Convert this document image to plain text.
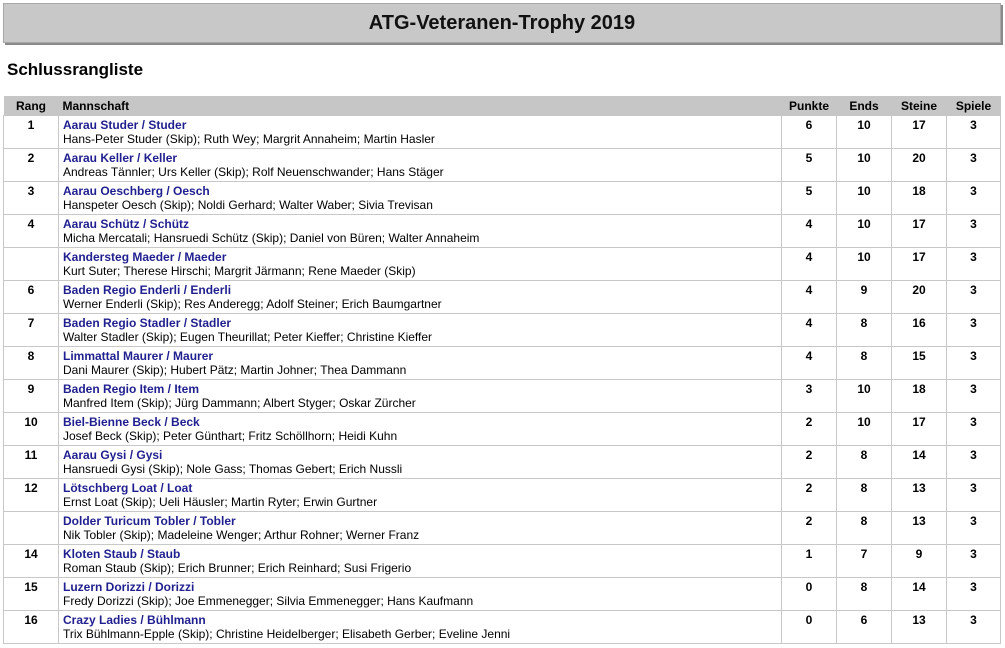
ATG-Veteranen-Trophy 2019
Schlussrangliste
Rang	Mannschaft	Punkte	Ends	Steine	Spiele
1	Aarau Studer / Studer
Hans-Peter Studer (Skip); Ruth Wey; Margrit Annaheim; Martin Hasler	6	10	17	3
2	Aarau Keller / Keller
Andreas Tännler; Urs Keller (Skip); Rolf Neuenschwander; Hans Stäger	5	10	20	3
3	Aarau Oeschberg / Oesch
Hanspeter Oesch (Skip); Noldi Gerhard; Walter Waber; Sivia Trevisan	5	10	18	3
4	Aarau Schütz / Schütz
Micha Mercatali; Hansruedi Schütz (Skip); Daniel von Büren; Walter Annaheim	4	10	17	3

	Kandersteg Maeder / Maeder
Kurt Suter; Therese Hirschi; Margrit Järmann; Rene Maeder (Skip)	4	10	17	3
6	Baden Regio Enderli / Enderli
Werner Enderli (Skip); Res Anderegg; Adolf Steiner; Erich Baumgartner	4	9	20	3
7	Baden Regio Stadler / Stadler
Walter Stadler (Skip); Eugen Theurillat; Peter Kieffer; Christine Kieffer	4	8	16	3
8	Limmattal Maurer / Maurer
Dani Maurer (Skip); Hubert Pätz; Martin Johner; Thea Dammann	4	8	15	3
9	Baden Regio Item / Item
Manfred Item (Skip); Jürg Dammann; Albert Styger; Oskar Zürcher	3	10	18	3
10	Biel-Bienne Beck / Beck
Josef Beck (Skip); Peter Günthart; Fritz Schöllhorn; Heidi Kuhn	2	10	17	3
11	Aarau Gysi / Gysi
Hansruedi Gysi (Skip); Nole Gass; Thomas Gebert; Erich Nussli	2	8	14	3
12	Lötschberg Loat / Loat
Ernst Loat (Skip); Ueli Häusler; Martin Ryter; Erwin Gurtner	2	8	13	3

	Dolder Turicum Tobler / Tobler
Nik Tobler (Skip); Madeleine Wenger; Arthur Rohner; Werner Franz	2	8	13	3
14	Kloten Staub / Staub
Roman Staub (Skip); Erich Brunner; Erich Reinhard; Susi Frigerio	1	7	9	3
15	Luzern Dorizzi / Dorizzi
Fredy Dorizzi (Skip); Joe Emmenegger; Silvia Emmenegger; Hans Kaufmann	0	8	14	3
16	Crazy Ladies / Bühlmann
Trix Bühlmann-Epple (Skip); Christine Heidelberger; Elisabeth Gerber; Eveline Jenni	0	6	13	3
